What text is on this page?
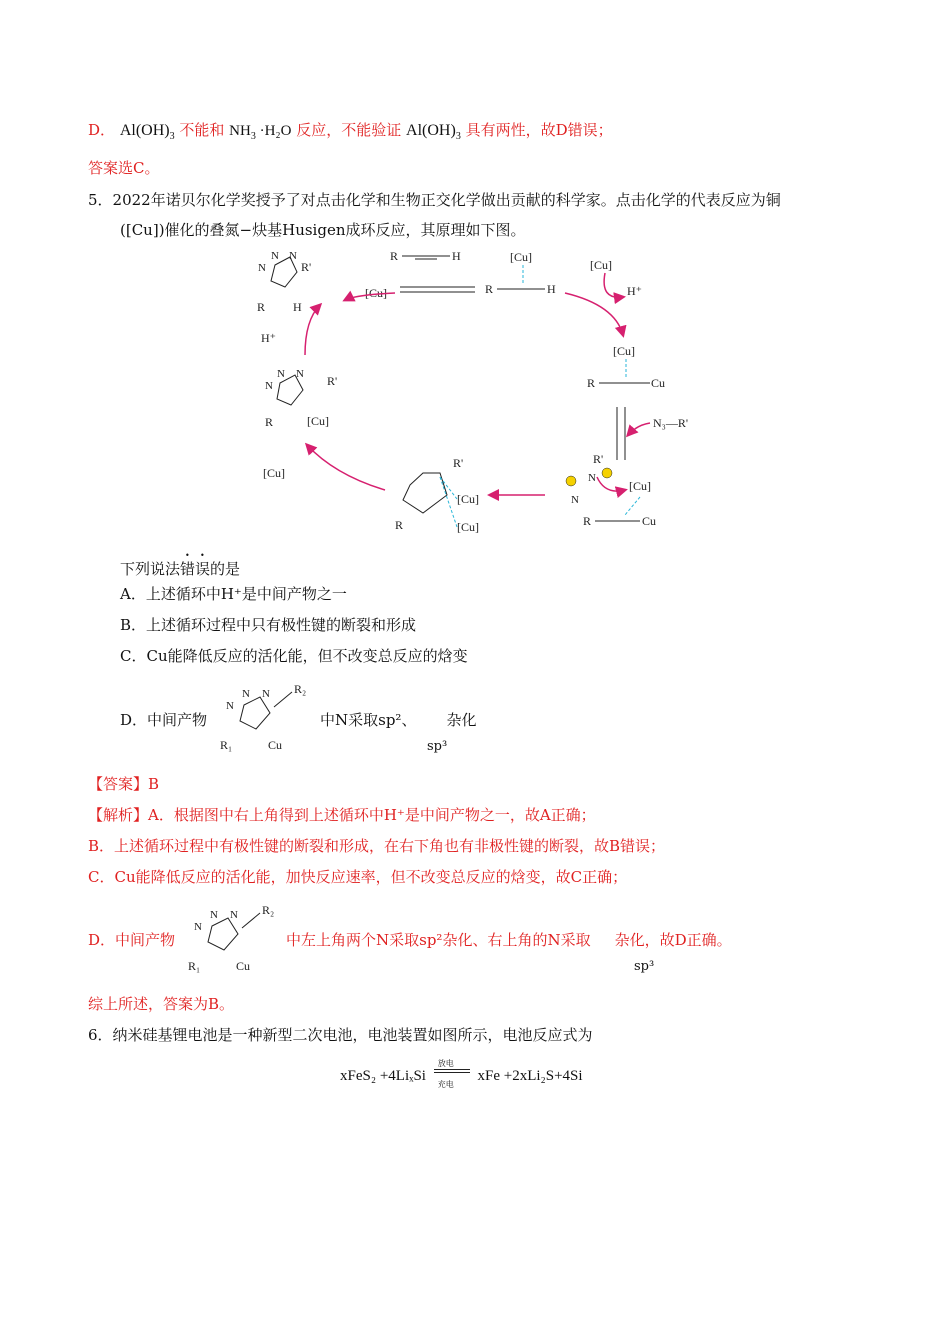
D． $Al(OH)_3$ 不能和 $NH_3 \cdot H_2O$ 反应，不能验证 $Al(OH)_3$ 具有两性，故D错误；
答案选C。
5．2022年诺贝尔化学奖授予了对点击化学和生物正交化学做出贡献的科学家。点击化学的代表反应为铜
([Cu])催化的叠氮−炔基Husigen成环反应，其原理如下图。
N
N N
R'
R H
R	H
[Cu]	R	H
[Cu]
[Cu]
H⁺
[Cu]
R	Cu
N₃—R'
R'
N
N
[Cu]
R	Cu
R'
[Cu]
[Cu]
R
[Cu]
N
N N R'
R	[Cu]
H⁺
下列说法错误的是
A．上述循环中H⁺是中间产物之一
B．上述循环过程中只有极性键的断裂和形成
C．Cu能降低反应的活化能，但不改变总反应的焓变
D．中间产物
N
N N R₂
R₁	Cu
中N采取sp²、 杂化
sp³
【答案】B
【解析】A．根据图中右上角得到上述循环中H⁺是中间产物之一，故A正确；
B．上述循环过程中有极性键的断裂和形成，在右下角也有非极性键的断裂，故B错误；
C．Cu能降低反应的活化能，加快反应速率，但不改变总反应的焓变，故C正确；
D．中间产物
N
N N R₂
R₁	Cu
中左上角两个N采取sp²杂化、右上角的N采取 杂化，故D正确。
sp³
综上所述，答案为B。
6．纳米硅基锂电池是一种新型二次电池，电池装置如图所示，电池反应式为
xFeS₂ +4LiₓSi
放电
充电
xFe +2xLi₂S+4Si
